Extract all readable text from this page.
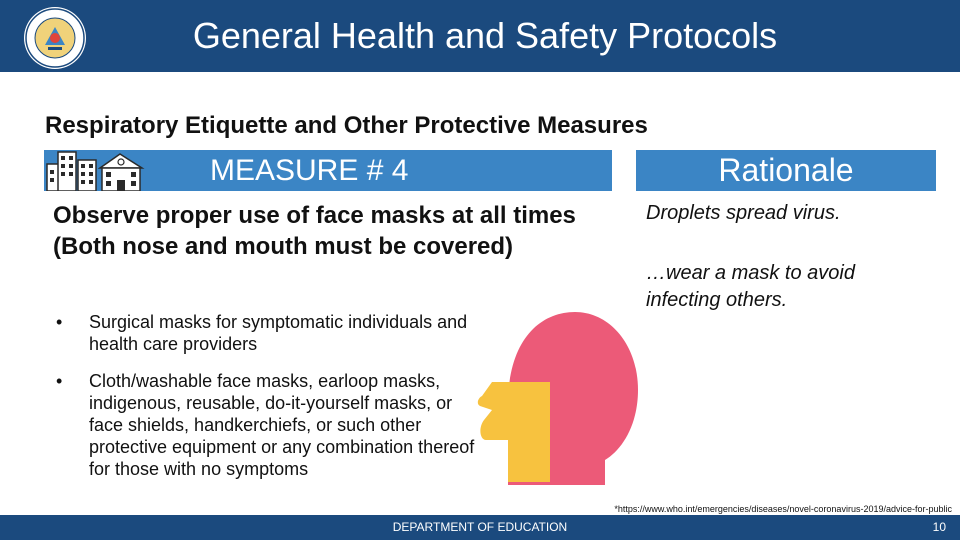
General Health and Safety Protocols
Respiratory Etiquette and Other Protective Measures
MEASURE # 4	Rationale
Observe proper use of face masks at all times (Both nose and mouth must be covered)
• Surgical masks for symptomatic individuals and health care providers
• Cloth/washable face masks, earloop masks, indigenous, reusable, do-it-yourself masks, or face shields, handkerchiefs, or such other protective equipment or any combination thereof for those with no symptoms
Droplets spread virus.
…wear a mask to avoid infecting others.
*https://www.who.int/emergencies/diseases/novel-coronavirus-2019/advice-for-public
DEPARTMENT OF EDUCATION	10
